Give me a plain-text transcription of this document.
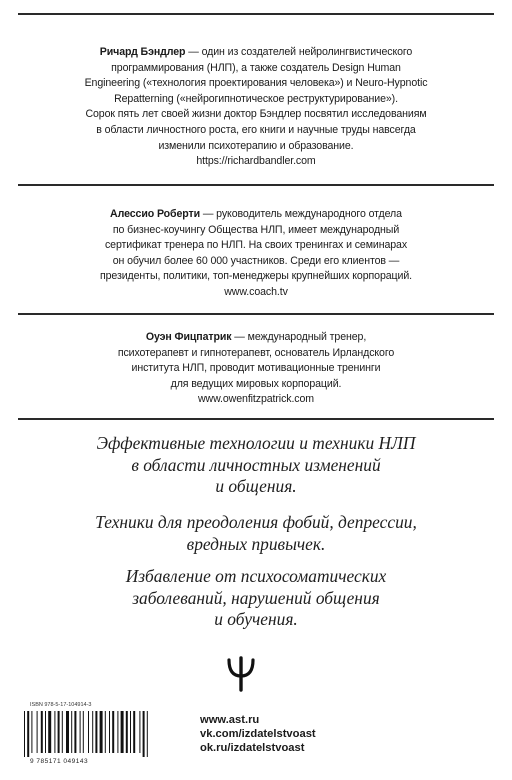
Ричард Бэндлер — один из создателей нейролингвистического
программирования (НЛП), а также создатель Design Human
Engineering («технология проектирования человека») и Neuro-Hypnotic
Repatterning («нейрогипнотическое реструктурирование»).
Сорок пять лет своей жизни доктор Бэндлер посвятил исследованиям
в области личностного роста, его книги и научные труды навсегда
изменили психотерапию и образование.
https://richardbandler.com
Алессио Роберти — руководитель международного отдела
по бизнес-коучингу Общества НЛП, имеет международный
сертификат тренера по НЛП. На своих тренингах и семинарах
он обучил более 60 000 участников. Среди его клиентов —
президенты, политики, топ-менеджеры крупнейших корпораций.
www.coach.tv
Оуэн Фицпатрик — международный тренер,
психотерапевт и гипнотерапевт, основатель Ирландского
института НЛП, проводит мотивационные тренинги
для ведущих мировых корпораций.
www.owenfitzpatrick.com
Эффективные технологии и техники НЛП
в области личностных изменений
и общения.
Техники для преодоления фобий, депрессии,
вредных привычек.
Избавление от психосоматических
заболеваний, нарушений общения
и обучения.
ISBN 978-5-17-104914-3
9 785171 049143
www.ast.ru
vk.com/izdatelstvoast
ok.ru/izdatelstvoast
